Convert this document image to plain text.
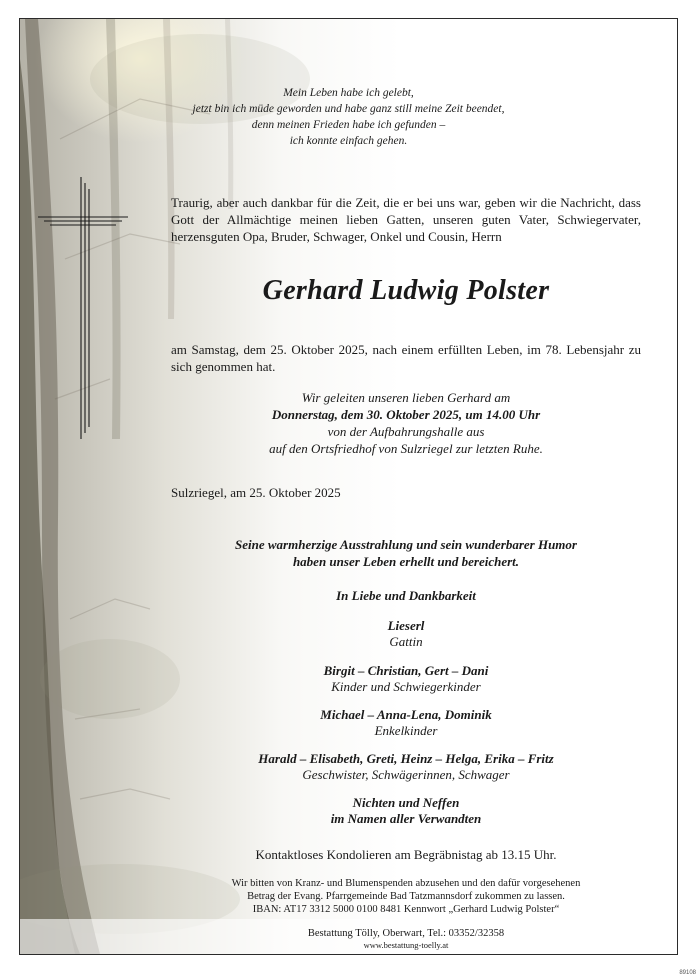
Mein Leben habe ich gelebt,
jetzt bin ich müde geworden und habe ganz still meine Zeit beendet,
denn meinen Frieden habe ich gefunden –
ich konnte einfach gehen.
Traurig, aber auch dankbar für die Zeit, die er bei uns war, geben wir die Nachricht, dass
Gott der Allmächtige meinen lieben Gatten, unseren guten Vater, Schwiegervater,
herzensguten Opa, Bruder, Schwager, Onkel und Cousin, Herrn
Gerhard Ludwig Polster
am Samstag, dem 25. Oktober 2025, nach einem erfüllten Leben, im 78. Lebensjahr zu
sich genommen hat.
Wir geleiten unseren lieben Gerhard am
Donnerstag, dem 30. Oktober 2025, um 14.00 Uhr
von der Aufbahrungshalle aus
auf den Ortsfriedhof von Sulzriegel zur letzten Ruhe.
Sulzriegel, am 25. Oktober 2025
Seine warmherzige Ausstrahlung und sein wunderbarer Humor
haben unser Leben erhellt und bereichert.
In Liebe und Dankbarkeit
Lieserl
Gattin
Birgit – Christian, Gert – Dani
Kinder und Schwiegerkinder
Michael – Anna-Lena, Dominik
Enkelkinder
Harald – Elisabeth, Greti, Heinz – Helga, Erika – Fritz
Geschwister, Schwägerinnen, Schwager
Nichten und Neffen
im Namen aller Verwandten
Kontaktloses Kondolieren am Begräbnistag ab 13.15 Uhr.
Wir bitten von Kranz- und Blumenspenden abzusehen und den dafür vorgesehenen
Betrag der Evang. Pfarrgemeinde Bad Tatzmannsdorf zukommen zu lassen.
IBAN: AT17 3312 5000 0100 8481 Kennwort „Gerhard Ludwig Polster“
Bestattung Tölly, Oberwart, Tel.: 03352/32358
www.bestattung-toelly.at
89108
